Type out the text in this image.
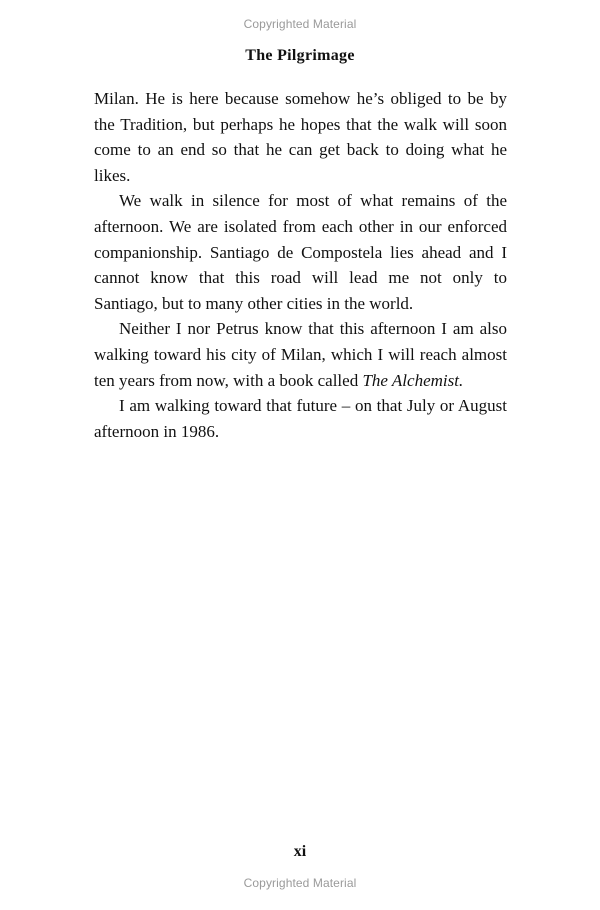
Copyrighted Material
The Pilgrimage

Milan. He is here because somehow he’s obliged to be by the Tradition, but perhaps he hopes that the walk will soon come to an end so that he can get back to doing what he likes.

We walk in silence for most of what remains of the afternoon. We are isolated from each other in our enforced companionship. Santiago de Compostela lies ahead and I cannot know that this road will lead me not only to Santiago, but to many other cities in the world.

Neither I nor Petrus know that this afternoon I am also walking toward his city of Milan, which I will reach almost ten years from now, with a book called The Alchemist.

I am walking toward that future – on that July or August afternoon in 1986.

xi
Copyrighted Material
